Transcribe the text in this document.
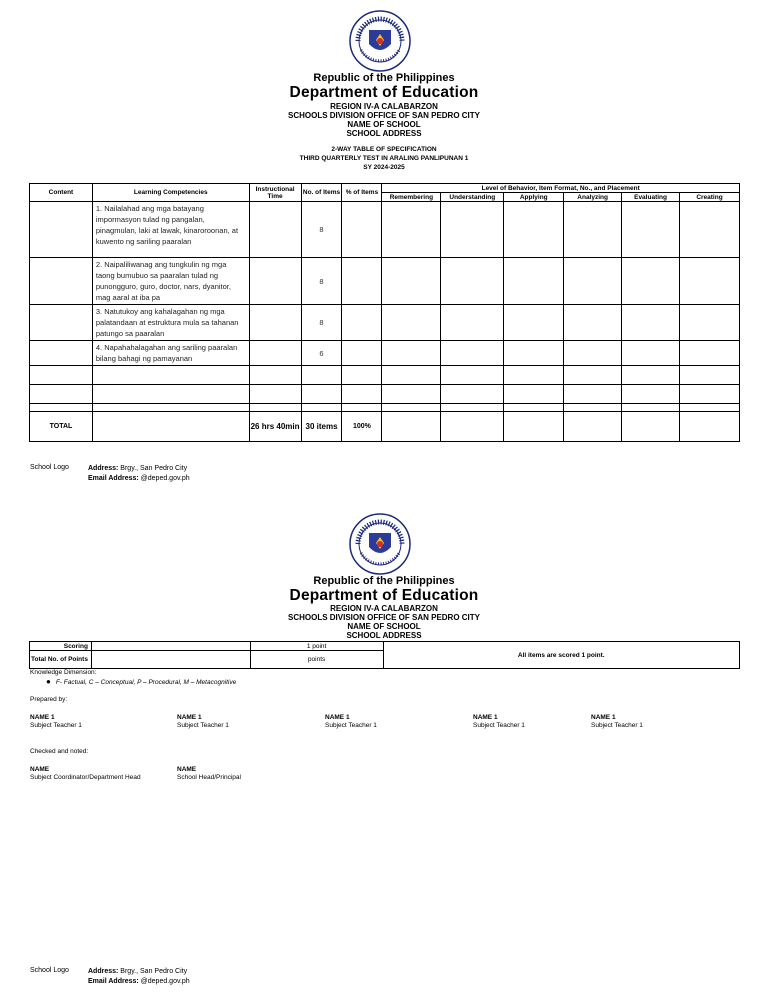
Republic of the Philippines
Department of Education
REGION IV-A CALABARZON
SCHOOLS DIVISION OFFICE OF SAN PEDRO CITY
NAME OF SCHOOL
SCHOOL ADDRESS
2-WAY TABLE OF SPECIFICATION
THIRD QUARTERLY TEST IN ARALING PANLIPUNAN 1
SY 2024-2025
Content	Learning Competencies	Instructional Time	No. of Items	% of Items	Level of Behavior, Item Format, No., and Placement					
					Remembering	Understanding	Applying	Analyzing	Evaluating	Creating
	1. Nailalahad ang mga batayang impormasyon tulad ng pangalan, pinagmulan, laki at lawak, kinaroroonan, at kuwento ng sariling paaralan		8							
	2. Naipaliliwanag ang tungkulin ng mga taong bumubuo sa paaralan tulad ng punongguro, guro, doctor, nars, dyanitor, mag aaral at iba pa		8							
	3. Natutukoy ang kahalagahan ng mga palatandaan at estruktura mula sa tahanan patungo sa paaralan		8							
	4. Napahahalagahan ang sariling paaralan bilang bahagi ng pamayanan		6							

TOTAL		26 hrs 40min	30 items	100%						
School Logo	Address: Brgy., San Pedro City
Email Address: @deped.gov.ph
Republic of the Philippines
Department of Education
REGION IV-A CALABARZON
SCHOOLS DIVISION OFFICE OF SAN PEDRO CITY
NAME OF SCHOOL
SCHOOL ADDRESS
Scoring		1 point	All items are scored 1 point.
Total No. of Points		points	
Knowledge Dimension:
● F- Factual, C – Conceptual, P – Procedural, M – Metacognitive
Prepared by:
NAME 1
Subject Teacher 1
NAME 1
Subject Teacher 1
NAME 1
Subject Teacher 1
NAME 1
Subject Teacher 1
NAME 1
Subject Teacher 1
Checked and noted:
NAME
Subject Coordinator/Department Head
NAME
School Head/Principal
School Logo	Address: Brgy., San Pedro City
Email Address: @deped.gov.ph
